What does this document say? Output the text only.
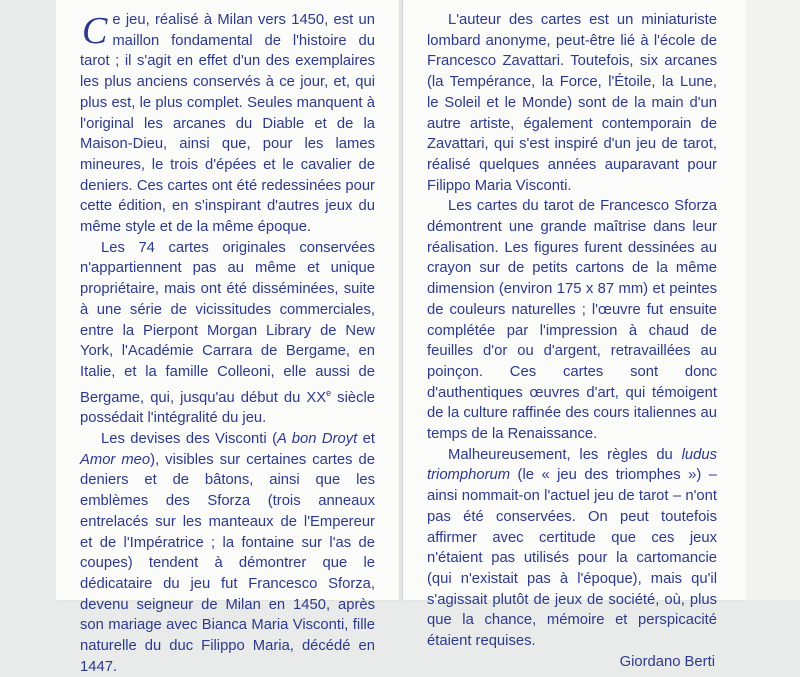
Ce jeu, réalisé à Milan vers 1450, est un maillon fondamental de l'histoire du tarot ; il s'agit en effet d'un des exemplaires les plus anciens conservés à ce jour, et, qui plus est, le plus complet. Seules manquent à l'original les arcanes du Diable et de la Maison-Dieu, ainsi que, pour les lames mineures, le trois d'épées et le cavalier de deniers. Ces cartes ont été redessinées pour cette édition, en s'inspirant d'autres jeux du même style et de la même époque.

Les 74 cartes originales conservées n'appartiennent pas au même et unique propriétaire, mais ont été disséminées, suite à une série de vicissitudes commerciales, entre la Pierpont Morgan Library de New York, l'Académie Carrara de Bergame, en Italie, et la famille Colleoni, elle aussi de Bergame, qui, jusqu'au début du XXe siècle possédait l'intégralité du jeu.

Les devises des Visconti (A bon Droyt et Amor meo), visibles sur certaines cartes de deniers et de bâtons, ainsi que les emblèmes des Sforza (trois anneaux entrelacés sur les manteaux de l'Empereur et de l'Impératrice ; la fontaine sur l'as de coupes) tendent à démontrer que le dédicataire du jeu fut Francesco Sforza, devenu seigneur de Milan en 1450, après son mariage avec Bianca Maria Visconti, fille naturelle du duc Filippo Maria, décédé en 1447.

L'auteur des cartes est un miniaturiste lombard anonyme, peut-être lié à l'école de Francesco Zavattari. Toutefois, six arcanes (la Tempérance, la Force, l'Étoile, la Lune, le Soleil et le Monde) sont de la main d'un autre artiste, également contemporain de Zavattari, qui s'est inspiré d'un jeu de tarot, réalisé quelques années auparavant pour Filippo Maria Visconti.

Les cartes du tarot de Francesco Sforza démontrent une grande maîtrise dans leur réalisation. Les figures furent dessinées au crayon sur de petits cartons de la même dimension (environ 175 x 87 mm) et peintes de couleurs naturelles ; l'œuvre fut ensuite complétée par l'impression à chaud de feuilles d'or ou d'argent, retravaillées au poinçon. Ces cartes sont donc d'authentiques œuvres d'art, qui témoigent de la culture raffinée des cours italiennes au temps de la Renaissance.

Malheureusement, les règles du ludus triomphorum (le « jeu des triomphes ») – ainsi nommait-on l'actuel jeu de tarot – n'ont pas été conservées. On peut toutefois affirmer avec certitude que ces jeux n'étaient pas utilisés pour la cartomancie (qui n'existait pas à l'époque), mais qu'il s'agissait plutôt de jeux de société, où, plus que la chance, mémoire et perspicacité étaient requises.

Giordano Berti
